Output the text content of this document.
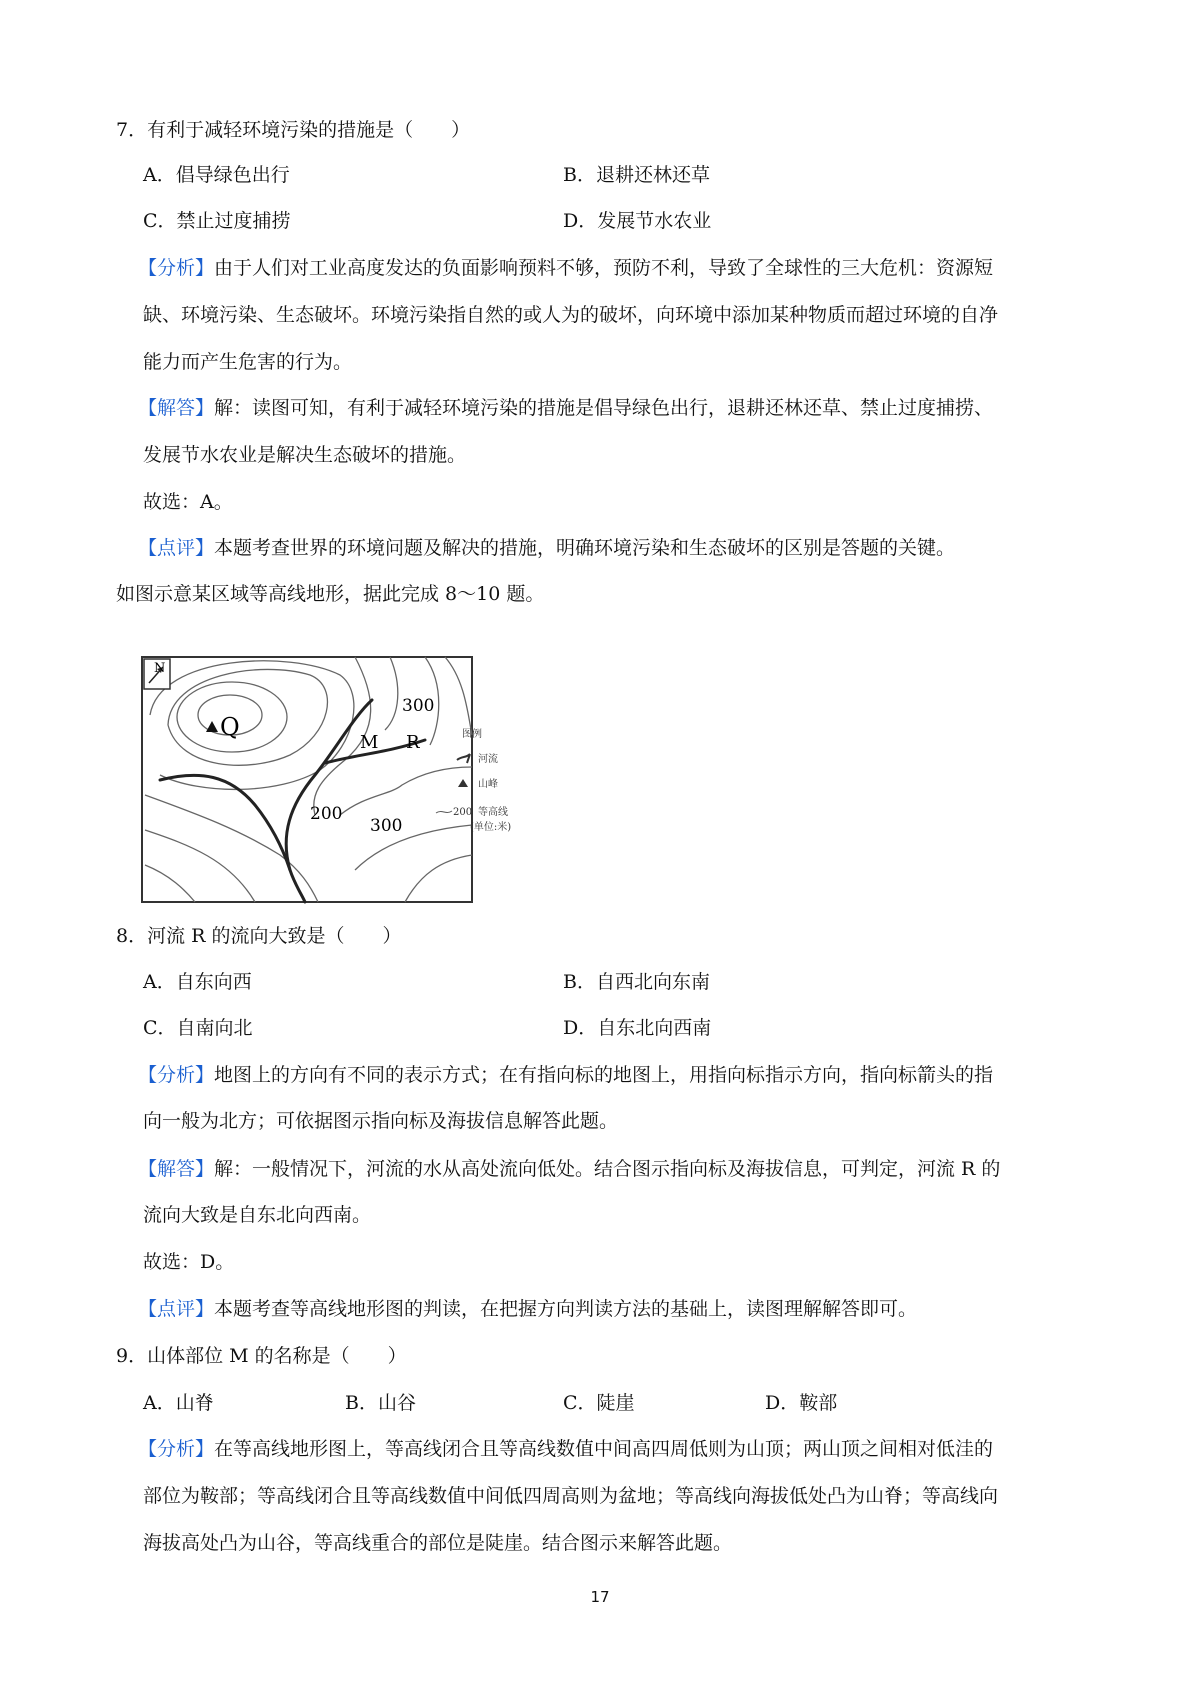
7．有利于减轻环境污染的措施是（　　）
A．倡导绿色出行	B．退耕还林还草
C．禁止过度捕捞	D．发展节水农业
【分析】由于人们对工业高度发达的负面影响预料不够，预防不利，导致了全球性的三大危机：资源短
缺、环境污染、生态破坏。环境污染指自然的或人为的破坏，向环境中添加某种物质而超过环境的自净
能力而产生危害的行为。
【解答】解：读图可知，有利于减轻环境污染的措施是倡导绿色出行，退耕还林还草、禁止过度捕捞、
发展节水农业是解决生态破坏的措施。
故选：A。
【点评】本题考查世界的环境问题及解决的措施，明确环境污染和生态破坏的区别是答题的关键。
如图示意某区域等高线地形，据此完成 8～10 题。
N
Q
M R
300
200
300
图例
河流
山峰
200 等高线
(单位:米)
8．河流 R 的流向大致是（　　）
A．自东向西	B．自西北向东南
C．自南向北	D．自东北向西南
【分析】地图上的方向有不同的表示方式；在有指向标的地图上，用指向标指示方向，指向标箭头的指
向一般为北方；可依据图示指向标及海拔信息解答此题。
【解答】解：一般情况下，河流的水从高处流向低处。结合图示指向标及海拔信息，可判定，河流 R 的
流向大致是自东北向西南。
故选：D。
【点评】本题考查等高线地形图的判读，在把握方向判读方法的基础上，读图理解解答即可。
9．山体部位 M 的名称是（　　）
A．山脊	B．山谷	C．陡崖	D．鞍部
【分析】在等高线地形图上，等高线闭合且等高线数值中间高四周低则为山顶；两山顶之间相对低洼的
部位为鞍部；等高线闭合且等高线数值中间低四周高则为盆地；等高线向海拔低处凸为山脊；等高线向
海拔高处凸为山谷，等高线重合的部位是陡崖。结合图示来解答此题。
17
